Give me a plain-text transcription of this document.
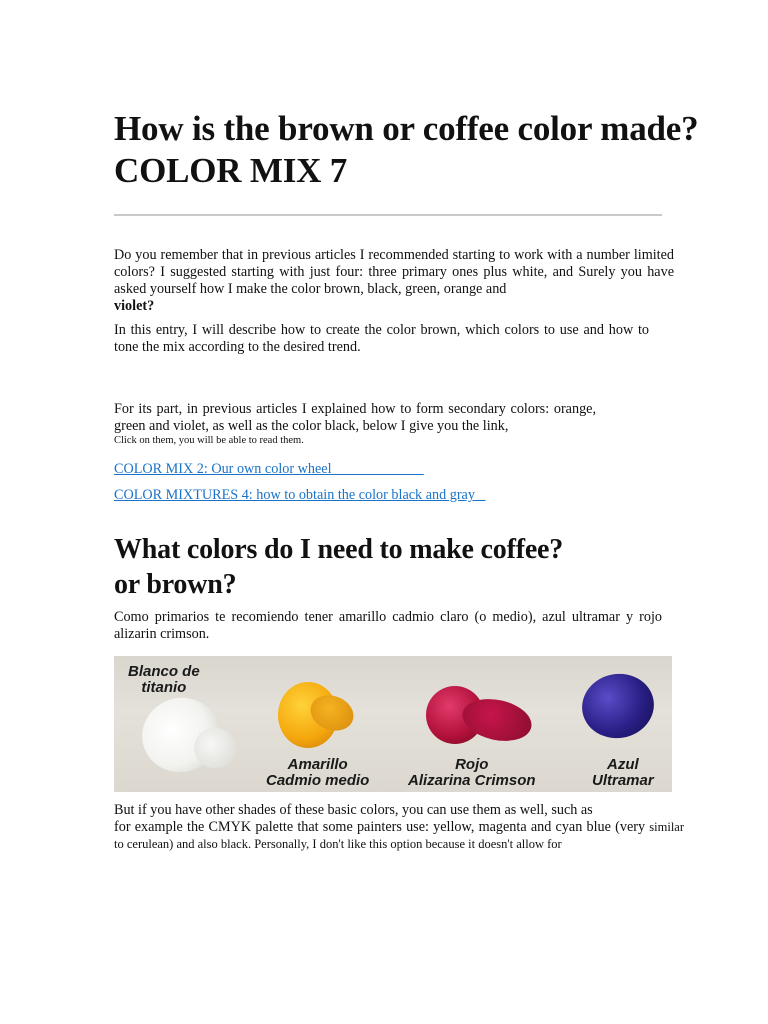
How is the brown or coffee color made?
COLOR MIX 7

Do you remember that in previous articles I recommended starting to work with a number limited colors? I suggested starting with just four: three primary ones plus white, and Surely you have asked yourself how I make the color brown, black, green, orange and
violet?

In this entry, I will describe how to create the color brown, which colors to use and how to tone the mix according to the desired trend.

For its part, in previous articles I explained how to form secondary colors: orange, green and violet, as well as the color black, below I give you the link,

Click on them, you will be able to read them.

COLOR MIX 2: Our own color wheel
COLOR MIXTURES 4: how to obtain the color black and gray
What colors do I need to make coffee?
or brown?

Como primarios te recomiendo tener amarillo cadmio claro (o medio), azul ultramar y rojo alizarin crimson.

Blanco de
titanio
Amarillo
Cadmio medio
Rojo
Alizarina Crimson
Azul
Ultramar

But if you have other shades of these basic colors, you can use them as well, such as
for example the CMYK palette that some painters use: yellow, magenta and cyan blue (very similar to cerulean) and also black. Personally, I don't like this option because it doesn't allow for
